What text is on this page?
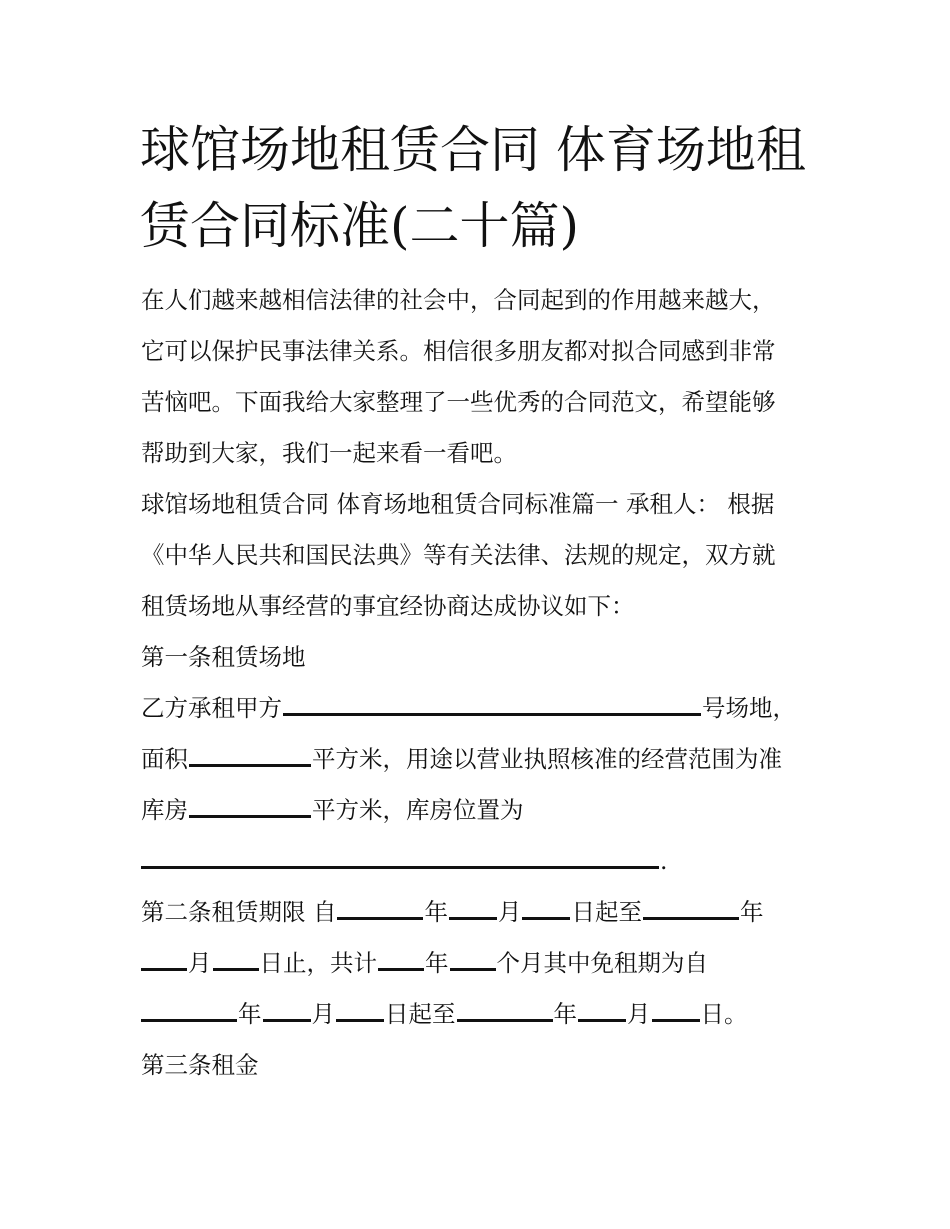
球馆场地租赁合同 体育场地租
赁合同标准(二十篇)
在人们越来越相信法律的社会中，合同起到的作用越来越大，
它可以保护民事法律关系。相信很多朋友都对拟合同感到非常
苦恼吧。下面我给大家整理了一些优秀的合同范文，希望能够
帮助到大家，我们一起来看一看吧。
球馆场地租赁合同 体育场地租赁合同标准篇一 承租人： 根据
《中华人民共和国民法典》等有关法律、法规的规定，双方就
租赁场地从事经营的事宜经协商达成协议如下：
第一条租赁场地
乙方承租甲方	号场地，
面积	平方米，用途以营业执照核准的经营范围为准
库房	平方米，库房位置为
.
第二条租赁期限 自	年 月 日起至	年
月 日止，共计 年 个月其中免租期为自
年 月 日起至	年 月 日。
第三条租金
